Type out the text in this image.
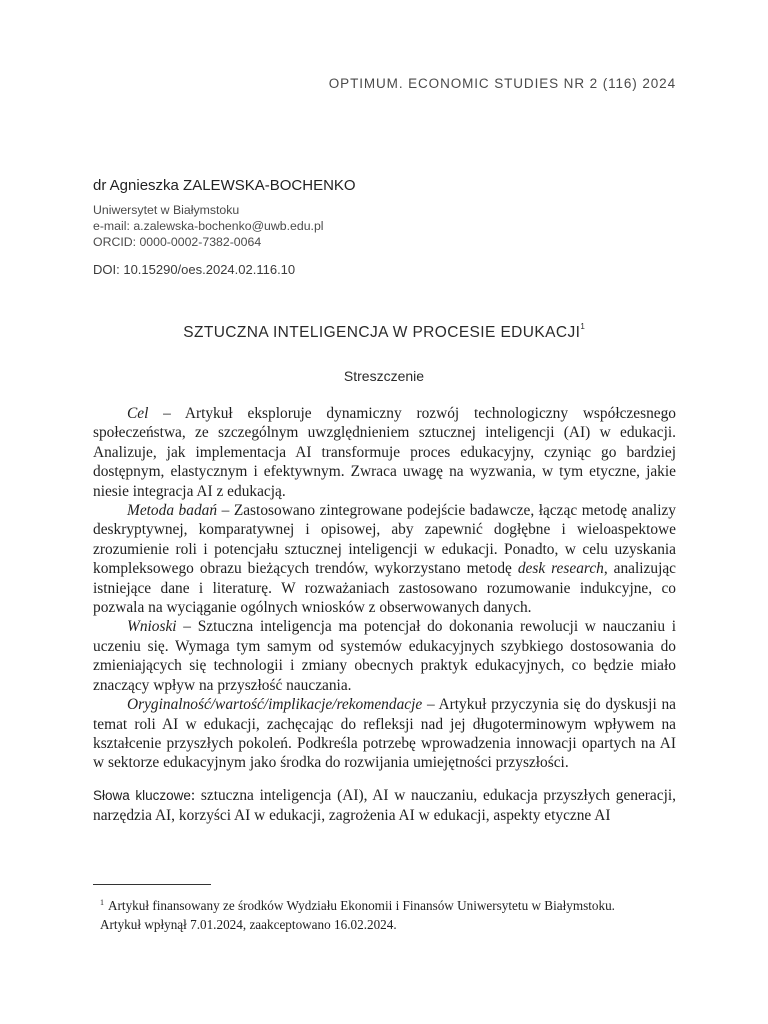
OPTIMUM. ECONOMIC STUDIES NR 2 (116) 2024
dr Agnieszka ZALEWSKA-BOCHENKO
Uniwersytet w Białymstoku
e-mail: a.zalewska-bochenko@uwb.edu.pl
ORCID: 0000-0002-7382-0064
DOI: 10.15290/oes.2024.02.116.10
SZTUCZNA INTELIGENCJA W PROCESIE EDUKACJI$^1$
Streszczenie

Cel – Artykuł eksploruje dynamiczny rozwój technologiczny współczesnego społeczeństwa, ze szczególnym uwzględnieniem sztucznej inteligencji (AI) w edukacji. Analizuje, jak implementacja AI transformuje proces edukacyjny, czyniąc go bardziej dostępnym, elastycznym i efektywnym. Zwraca uwagę na wyzwania, w tym etyczne, jakie niesie integracja AI z edukacją.

Metoda badań – Zastosowano zintegrowane podejście badawcze, łącząc metodę analizy deskryptywnej, komparatywnej i opisowej, aby zapewnić dogłębne i wieloaspektowe zrozumienie roli i potencjału sztucznej inteligencji w edukacji. Ponadto, w celu uzyskania kompleksowego obrazu bieżących trendów, wykorzystano metodę desk research, analizując istniejące dane i literaturę. W rozważaniach zastosowano rozumowanie indukcyjne, co pozwala na wyciąganie ogólnych wniosków z obserwowanych danych.

Wnioski – Sztuczna inteligencja ma potencjał do dokonania rewolucji w nauczaniu i uczeniu się. Wymaga tym samym od systemów edukacyjnych szybkiego dostosowania do zmieniających się technologii i zmiany obecnych praktyk edukacyjnych, co będzie miało znaczący wpływ na przyszłość nauczania.

Oryginalność/wartość/implikacje/rekomendacje – Artykuł przyczynia się do dyskusji na temat roli AI w edukacji, zachęcając do refleksji nad jej długoterminowym wpływem na kształcenie przyszłych pokoleń. Podkreśla potrzebę wprowadzenia innowacji opartych na AI w sektorze edukacyjnym jako środka do rozwijania umiejętności przyszłości.

Słowa kluczowe: sztuczna inteligencja (AI), AI w nauczaniu, edukacja przyszłych generacji, narzędzia AI, korzyści AI w edukacji, zagrożenia AI w edukacji, aspekty etyczne AI
$^1$ Artykuł finansowany ze środków Wydziału Ekonomii i Finansów Uniwersytetu w Białymstoku.
Artykuł wpłynął 7.01.2024, zaakceptowano 16.02.2024.
